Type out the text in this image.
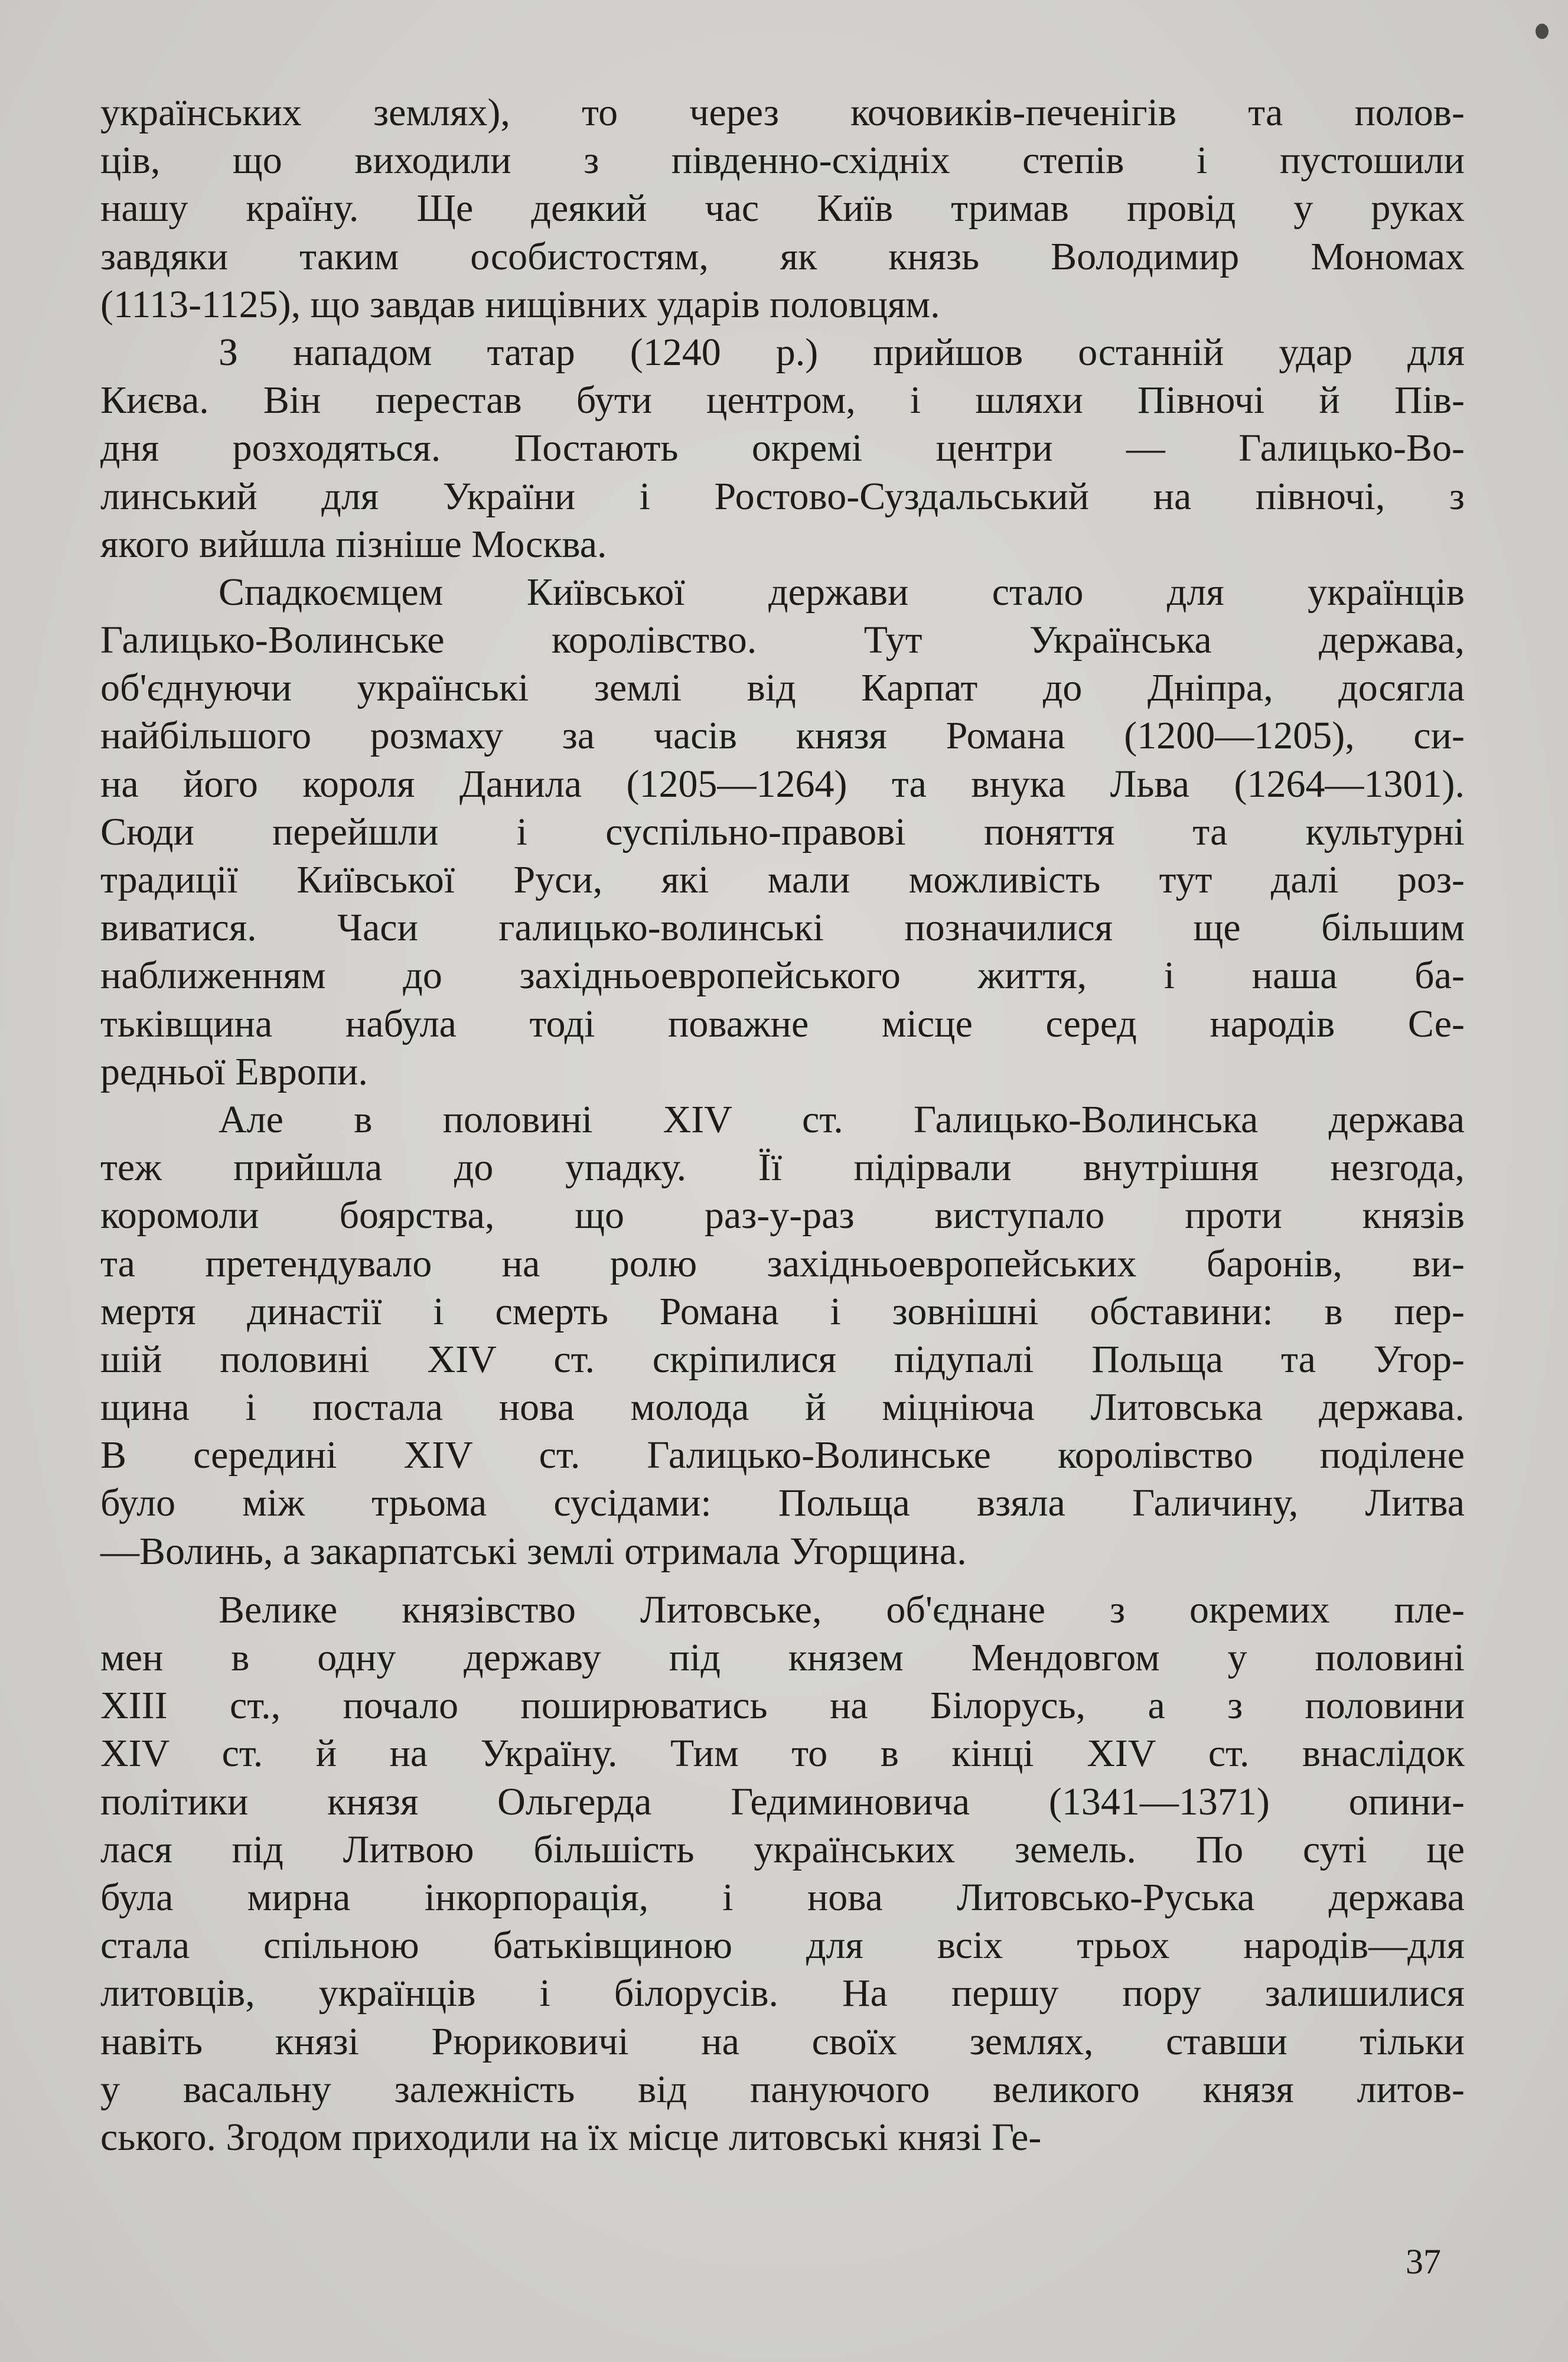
українських землях), то через кочовиків-печенігів та полов-
ців, що виходили з південно-східніх степів і пустошили
нашу країну. Ще деякий час Київ тримав провід у руках
завдяки таким особистостям, як князь Володимир Мономах
(1113-1125), що завдав нищівних ударів половцям.
З нападом татар (1240 р.) прийшов останній удар для
Києва. Він перестав бути центром, і шляхи Півночі й Пів-
дня розходяться. Постають окремі центри — Галицько-Во-
линський для України і Ростово-Суздальський на півночі, з
якого вийшла пізніше Москва.
Спадкоємцем Київської держави стало для українців
Галицько-Волинське королівство. Тут Українська держава,
об'єднуючи українські землі від Карпат до Дніпра, досягла
найбільшого розмаху за часів князя Романа (1200—1205), си-
на його короля Данила (1205—1264) та внука Льва (1264—1301).
Сюди перейшли і суспільно-правові поняття та культурні
традиції Київської Руси, які мали можливість тут далі роз-
виватися. Часи галицько-волинські позначилися ще більшим
наближенням до західньоевропейського життя, і наша ба-
тьківщина набула тоді поважне місце серед народів Се-
редньої Европи.
Але в половині XIV ст. Галицько-Волинська держава
теж прийшла до упадку. Її підірвали внутрішня незгода,
коромоли боярства, що раз-у-раз виступало проти князів
та претендувало на ролю західньоевропейських баронів, ви-
мертя династії і смерть Романа і зовнішні обставини: в пер-
шій половині XIV ст. скріпилися підупалі Польща та Угор-
щина і постала нова молода й міцніюча Литовська держава.
В середині XIV ст. Галицько-Волинське королівство поділене
було між трьома сусідами: Польща взяла Галичину, Литва
—Волинь, а закарпатські землі отримала Угорщина.
Велике князівство Литовське, об'єднане з окремих пле-
мен в одну державу під князем Мендовгом у половині
XIII ст., почало поширюватись на Білорусь, а з половини
XIV ст. й на Україну. Тим то в кінці XIV ст. внаслідок
політики князя Ольгерда Гедиминовича (1341—1371) опини-
лася під Литвою більшість українських земель. По суті це
була мирна інкорпорація, і нова Литовсько-Руська держава
стала спільною батьківщиною для всіх трьох народів—для
литовців, українців і білорусів. На першу пору залишилися
навіть князі Рюриковичі на своїх землях, ставши тільки
у васальну залежність від пануючого великого князя литов-
ського. Згодом приходили на їх місце литовські князі Ге-
37
